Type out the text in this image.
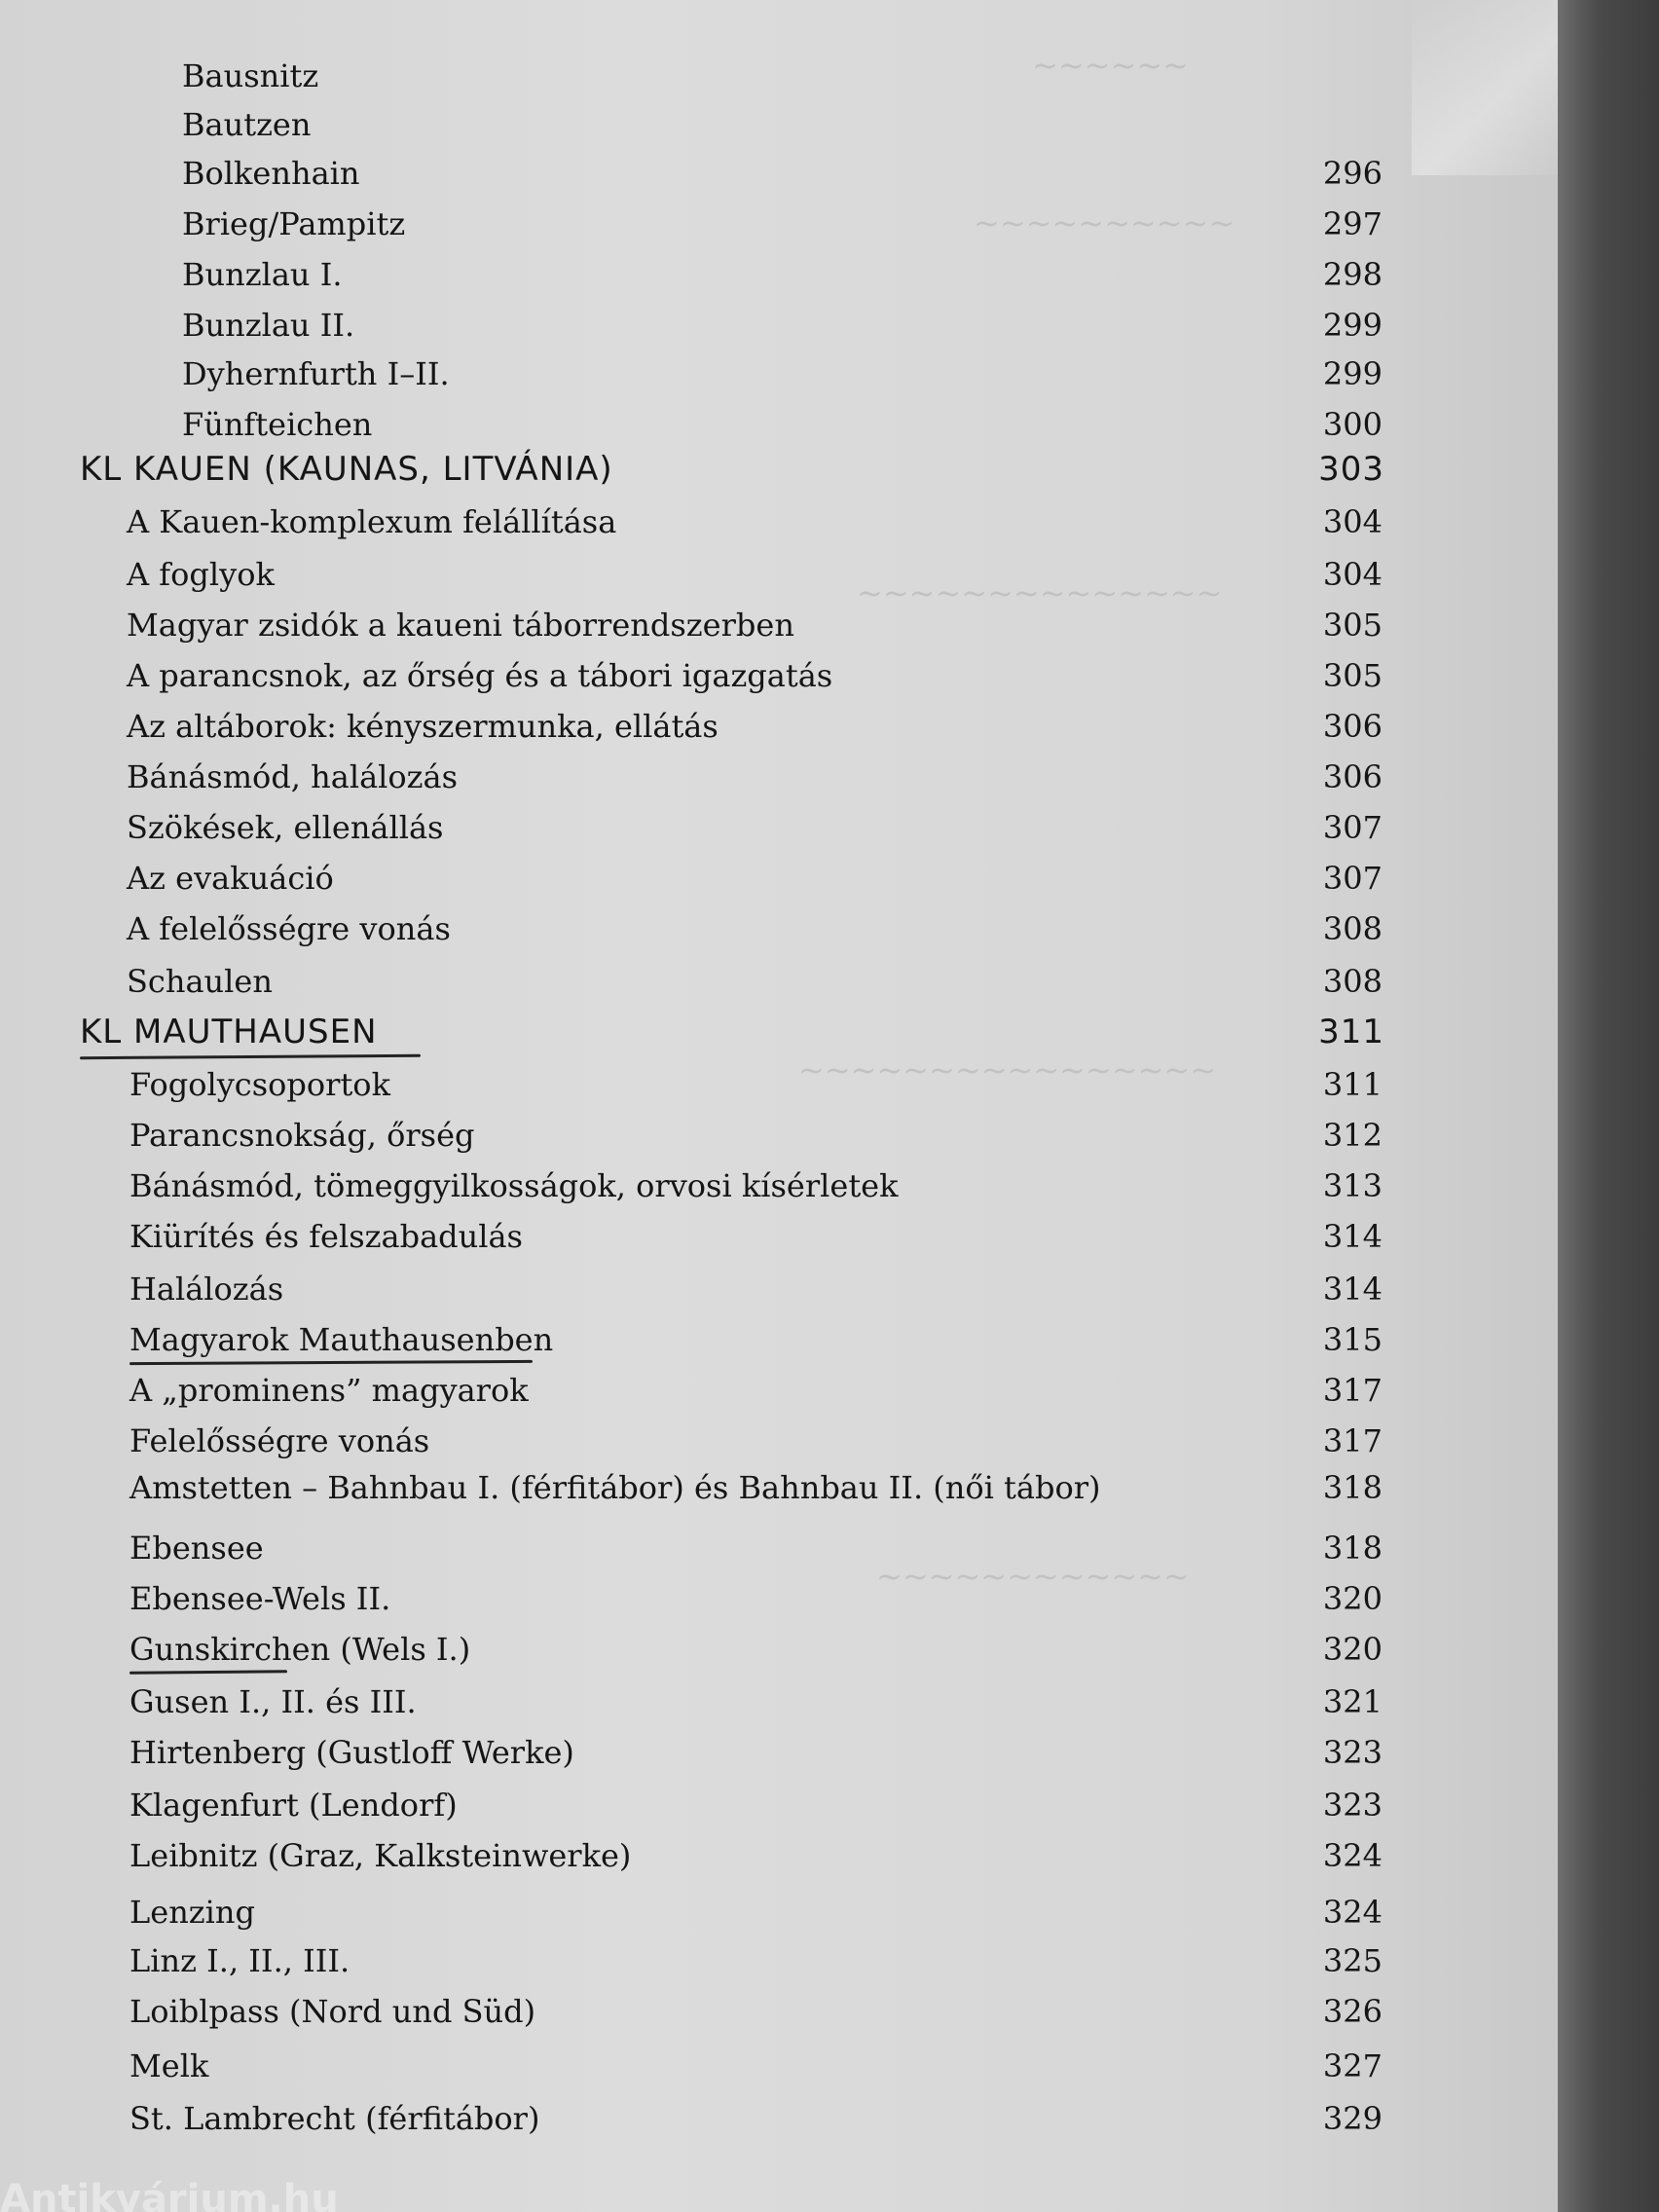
~~~~~~
~~~~~~~~~~
~~~~~~~~~~~~~~
~~~~~~~~~~~~~~~~
~~~~~~~~~~~~
Bausnitz
Bautzen
Bolkenhain	296
Brieg/Pampitz	297
Bunzlau I.	298
Bunzlau II.	299
Dyhernfurth I–II.	299
Fünfteichen	300
KL KAUEN (KAUNAS, LITVÁNIA)	303
A Kauen-komplexum felállítása	304
A foglyok	304
Magyar zsidók a kaueni táborrendszerben	305
A parancsnok, az őrség és a tábori igazgatás	305
Az altáborok: kényszermunka, ellátás	306
Bánásmód, halálozás	306
Szökések, ellenállás	307
Az evakuáció	307
A felelősségre vonás	308
Schaulen	308
KL MAUTHAUSEN	311
Fogolycsoportok	311
Parancsnokság, őrség	312
Bánásmód, tömeggyilkosságok, orvosi kísérletek	313
Kiürítés és felszabadulás	314
Halálozás	314
Magyarok Mauthausenben	315
A „prominens” magyarok	317
Felelősségre vonás	317
Amstetten – Bahnbau I. (férfitábor) és Bahnbau II. (női tábor)	318
Ebensee	318
Ebensee-Wels II.	320
Gunskirchen (Wels I.)	320
Gusen I., II. és III.	321
Hirtenberg (Gustloff Werke)	323
Klagenfurt (Lendorf)	323
Leibnitz (Graz, Kalksteinwerke)	324
Lenzing	324
Linz I., II., III.	325
Loiblpass (Nord und Süd)	326
Melk	327
St. Lambrecht (férfitábor)	329
Antikvárium.hu
